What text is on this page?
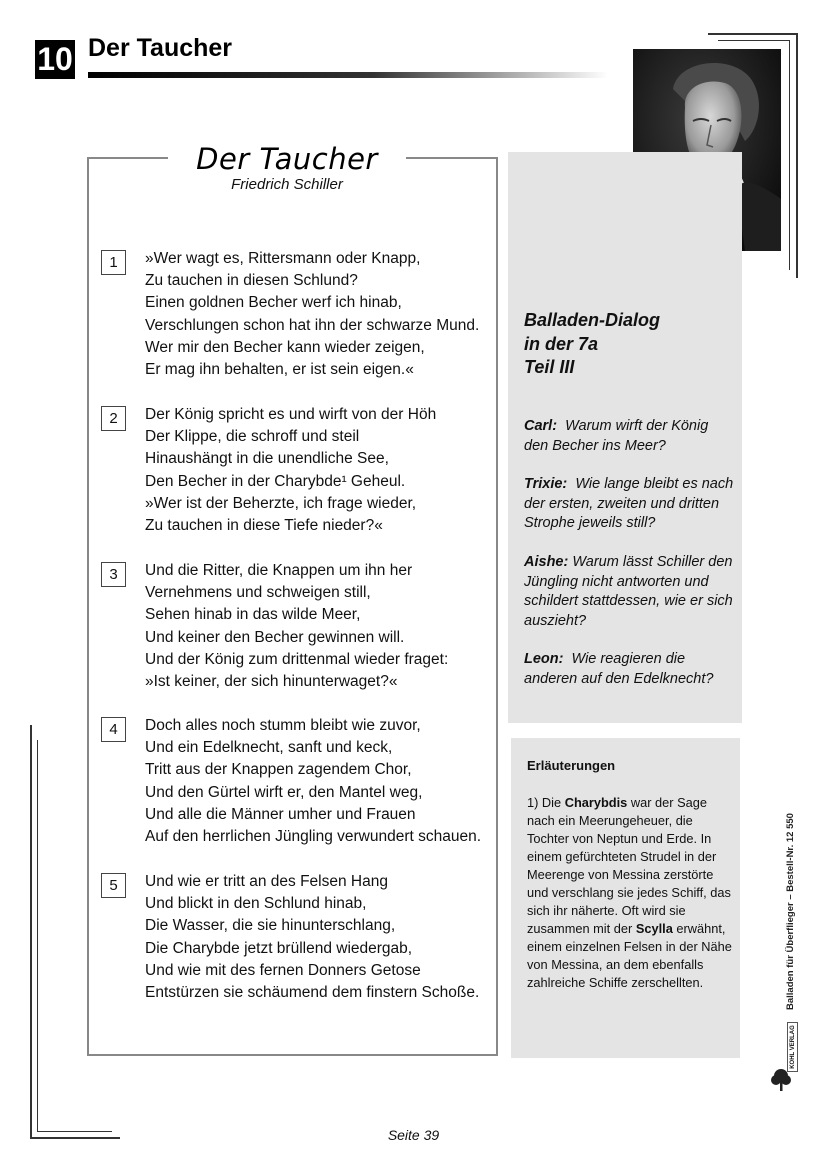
10 Der Taucher
Der Taucher
Friedrich Schiller
1	»Wer wagt es, Rittersmann oder Knapp,
Zu tauchen in diesen Schlund?
Einen goldnen Becher werf ich hinab,
Verschlungen schon hat ihn der schwarze Mund.
Wer mir den Becher kann wieder zeigen,
Er mag ihn behalten, er ist sein eigen.«
2	Der König spricht es und wirft von der Höh
Der Klippe, die schroff und steil
Hinaushängt in die unendliche See,
Den Becher in der Charybde¹ Geheul.
»Wer ist der Beherzte, ich frage wieder,
Zu tauchen in diese Tiefe nieder?«
3	Und die Ritter, die Knappen um ihn her
Vernehmens und schweigen still,
Sehen hinab in das wilde Meer,
Und keiner den Becher gewinnen will.
Und der König zum drittenmal wieder fraget:
»Ist keiner, der sich hinunterwaget?«
4	Doch alles noch stumm bleibt wie zuvor,
Und ein Edelknecht, sanft und keck,
Tritt aus der Knappen zagendem Chor,
Und den Gürtel wirft er, den Mantel weg,
Und alle die Männer umher und Frauen
Auf den herrlichen Jüngling verwundert schauen.
5	Und wie er tritt an des Felsen Hang
Und blickt in den Schlund hinab,
Die Wasser, die sie hinunterschlang,
Die Charybde jetzt brüllend wiedergab,
Und wie mit des fernen Donners Getose
Entstürzen sie schäumend dem finstern Schoße.
Balladen-Dialog
in der 7a
Teil III
Carl: Warum wirft der König den Becher ins Meer?
Trixie: Wie lange bleibt es nach der ersten, zweiten und dritten Strophe jeweils still?
Aishe: Warum lässt Schiller den Jüngling nicht antworten und schildert stattdessen, wie er sich auszieht?
Leon: Wie reagieren die anderen auf den Edelknecht?
Erläuterungen
1) Die Charybdis war der Sage nach ein Meerungeheuer, die Tochter von Neptun und Erde. In einem gefürchteten Strudel in der Meerenge von Messina zerstörte und verschlang sie jedes Schiff, das sich ihr näherte. Oft wird sie zusammen mit der Scylla erwähnt, einem einzelnen Felsen in der Nähe von Messina, an dem ebenfalls zahlreiche Schiffe zerschellten.	Balladen für Überflieger – Bestell-Nr. 12 550
KOHL VERLAG
Seite 39
